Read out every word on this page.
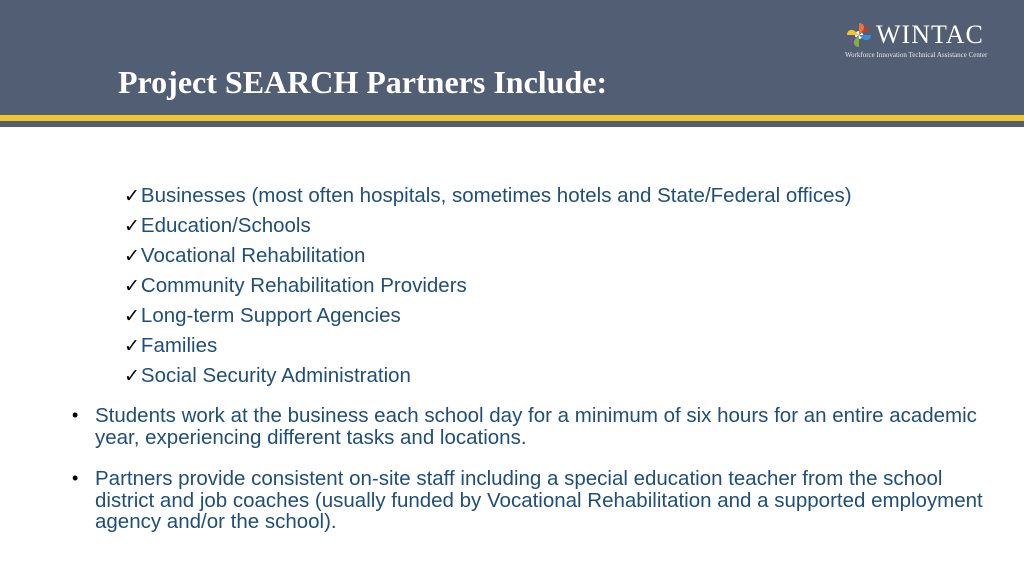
Project SEARCH Partners Include:
WINTAC
Workforce Innovation Technical Assistance Center
✓Businesses (most often hospitals, sometimes hotels and State/Federal offices)
✓Education/Schools
✓Vocational Rehabilitation
✓Community Rehabilitation Providers
✓Long-term Support Agencies
✓Families
✓Social Security Administration
• Students work at the business each school day for a minimum of six hours for an entire academic year, experiencing different tasks and locations.
• Partners provide consistent on-site staff including a special education teacher from the school district and job coaches (usually funded by Vocational Rehabilitation and a supported employment agency and/or the school).
